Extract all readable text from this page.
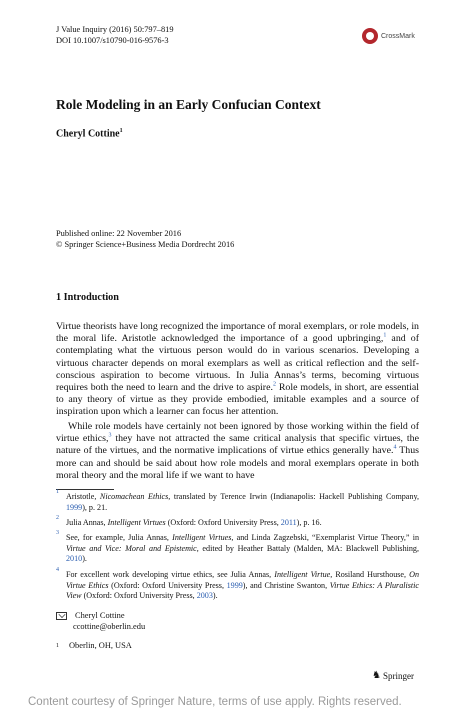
J Value Inquiry (2016) 50:797–819
DOI 10.1007/s10790-016-9576-3	CrossMark
Role Modeling in an Early Confucian Context
Cheryl Cottine$^1$
Published online: 22 November 2016
© Springer Science+Business Media Dordrecht 2016
1 Introduction
Virtue theorists have long recognized the importance of moral exemplars, or role models, in the moral life. Aristotle acknowledged the importance of a good upbringing,$^1$ and of contemplating what the virtuous person would do in various scenarios. Developing a virtuous character depends on moral exemplars as well as critical reflection and the self-conscious aspiration to become virtuous. In Julia Annas’s terms, becoming virtuous requires both the need to learn and the drive to aspire.$^2$ Role models, in short, are essential to any theory of virtue as they provide embodied, imitable examples and a source of inspiration upon which a learner can focus her attention.
While role models have certainly not been ignored by those working within the field of virtue ethics,$^3$ they have not attracted the same critical analysis that specific virtues, the nature of the virtues, and the normative implications of virtue ethics generally have.$^4$ Thus more can and should be said about how role models and moral exemplars operate in both moral theory and the moral life if we want to have
1 Aristotle, Nicomachean Ethics, translated by Terence Irwin (Indianapolis: Hackell Publishing Company, 1999), p. 21.
2 Julia Annas, Intelligent Virtues (Oxford: Oxford University Press, 2011), p. 16.
3 See, for example, Julia Annas, Intelligent Virtues, and Linda Zagzebski, “Exemplarist Virtue Theory,” in Virtue and Vice: Moral and Epistemic, edited by Heather Battaly (Malden, MA: Blackwell Publishing, 2010).
4 For excellent work developing virtue ethics, see Julia Annas, Intelligent Virtue, Rosiland Hursthouse, On Virtue Ethics (Oxford: Oxford University Press, 1999), and Christine Swanton, Virtue Ethics: A Pluralistic View (Oxford: Oxford University Press, 2003).
Cheryl Cottine
ccottine@oberlin.edu
$^1$ Oberlin, OH, USA
♞ Springer
Content courtesy of Springer Nature, terms of use apply. Rights reserved.
